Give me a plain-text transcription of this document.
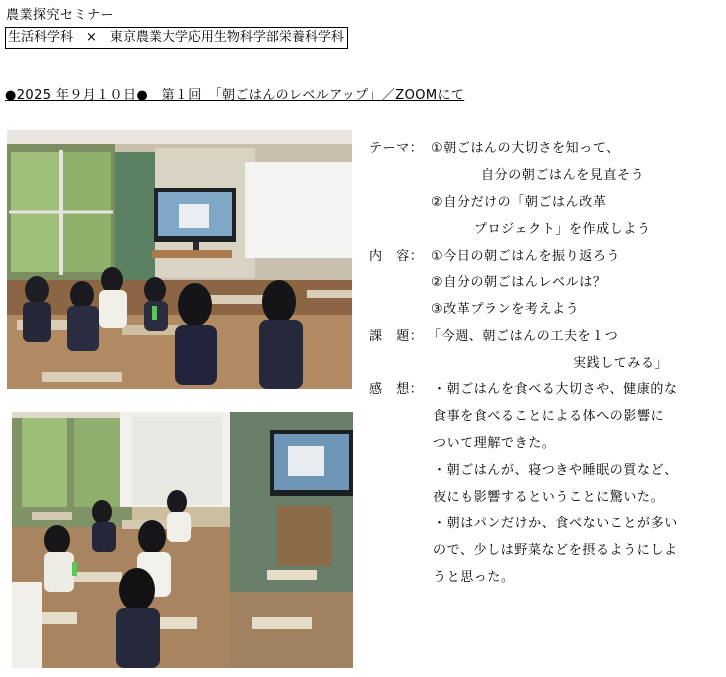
農業探究セミナー
生活科学科　×　東京農業大学応用生物科学部栄養科学科
●2025 年９月１０日●　第１回　「朝ごはんのレベルアップ」／ZOOMにて
テーマ： ①朝ごはんの大切さを知って、
自分の朝ごはんを見直そう
②自分だけの「朝ごはん改革
プロジェクト」を作成しよう
内　容： ①今日の朝ごはんを振り返ろう
②自分の朝ごはんレベルは？
③改革プランを考えよう
課　題： 「今週、朝ごはんの工夫を１つ
実践してみる」
感　想： ・朝ごはんを食べる大切さや、健康的な
食事を食べることによる体への影響に
ついて理解できた。
・朝ごはんが、寝つきや睡眠の質など、
夜にも影響するということに驚いた。
・朝はパンだけか、食べないことが多い
ので、少しは野菜などを摂るようにしよ
うと思った。
